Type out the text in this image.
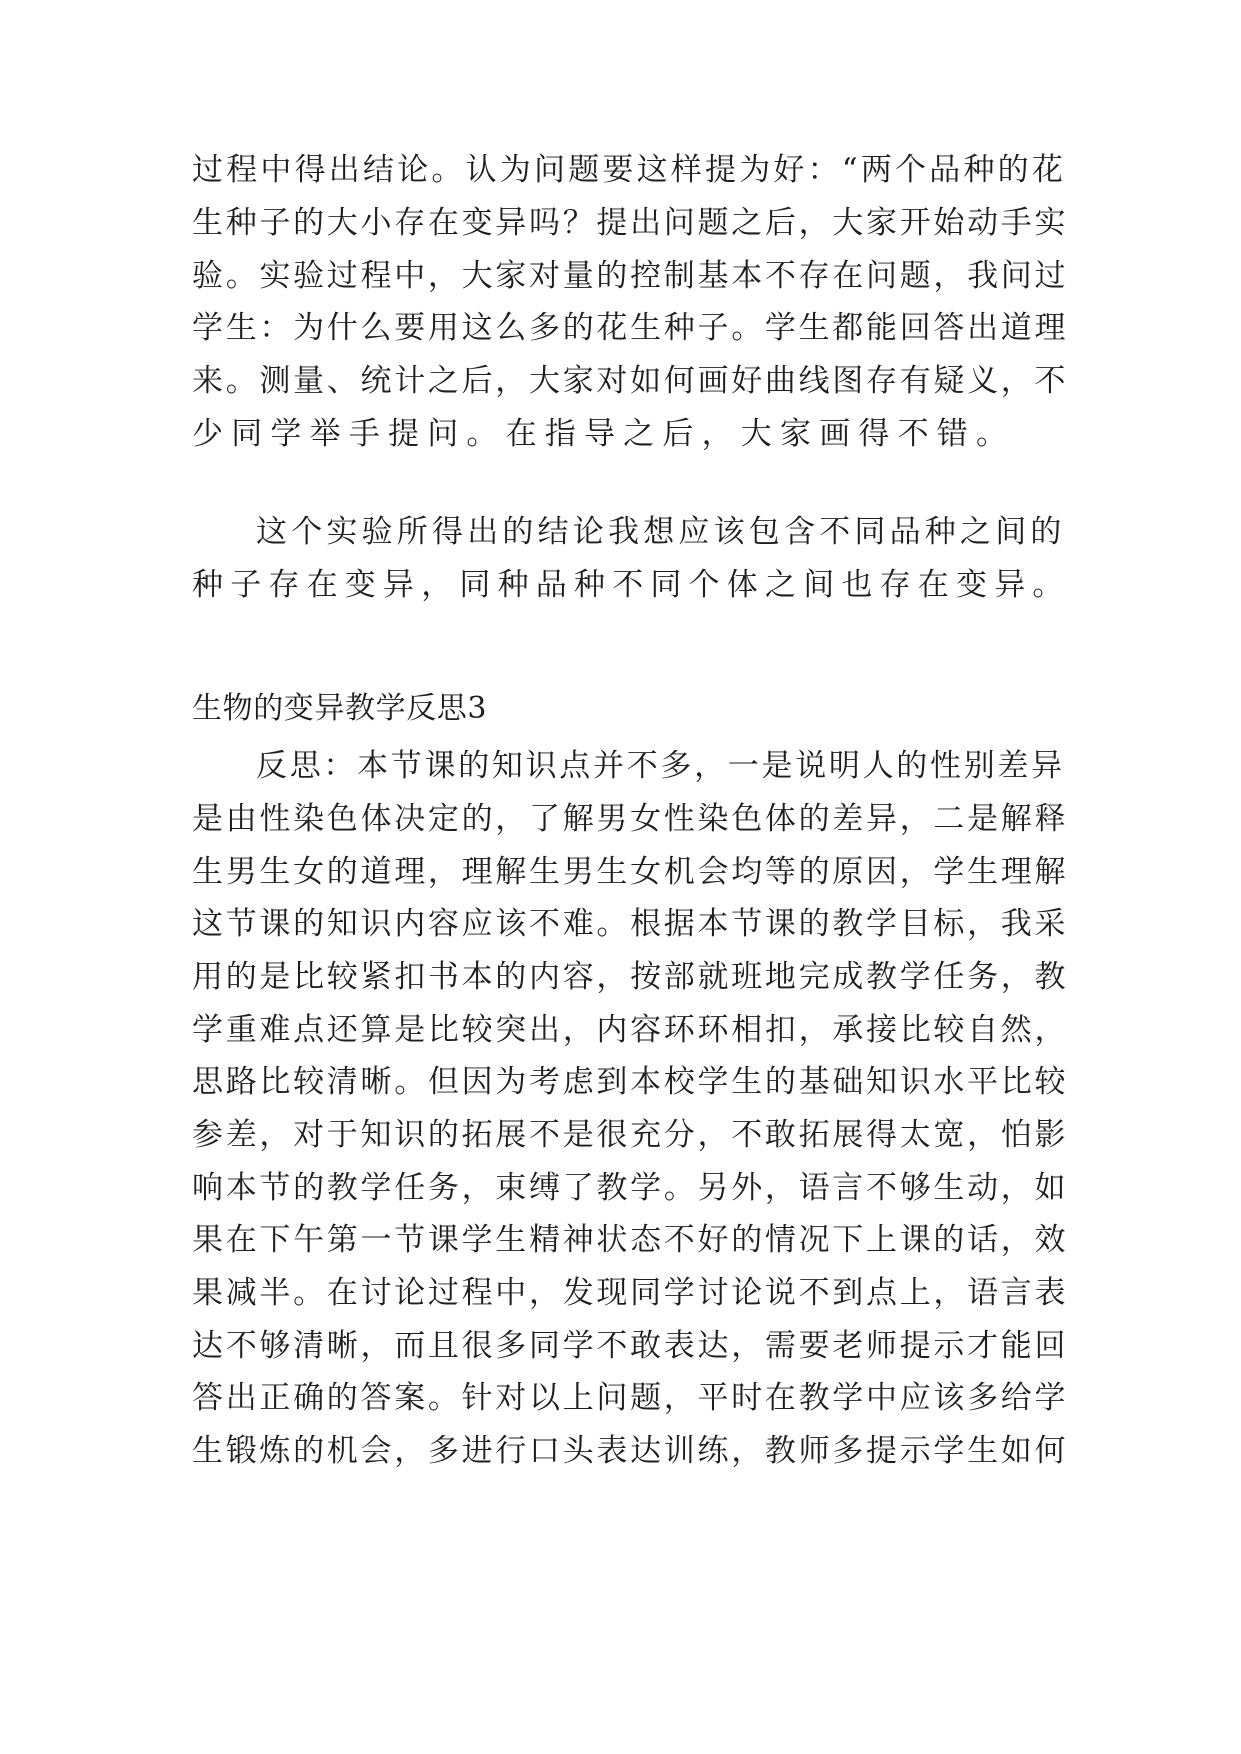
过程中得出结论。认为问题要这样提为好：“两个品种的花
生种子的大小存在变异吗？提出问题之后，大家开始动手实
验。实验过程中，大家对量的控制基本不存在问题，我问过
学生：为什么要用这么多的花生种子。学生都能回答出道理
来。测量、统计之后，大家对如何画好曲线图存有疑义，不
少同学举手提问。在指导之后，大家画得不错。
这个实验所得出的结论我想应该包含不同品种之间的
种子存在变异，同种品种不同个体之间也存在变异。
生物的变异教学反思3
反思：本节课的知识点并不多，一是说明人的性别差异
是由性染色体决定的，了解男女性染色体的差异，二是解释
生男生女的道理，理解生男生女机会均等的原因，学生理解
这节课的知识内容应该不难。根据本节课的教学目标，我采
用的是比较紧扣书本的内容，按部就班地完成教学任务，教
学重难点还算是比较突出，内容环环相扣，承接比较自然，
思路比较清晰。但因为考虑到本校学生的基础知识水平比较
参差，对于知识的拓展不是很充分，不敢拓展得太宽，怕影
响本节的教学任务，束缚了教学。另外，语言不够生动，如
果在下午第一节课学生精神状态不好的情况下上课的话，效
果减半。在讨论过程中，发现同学讨论说不到点上，语言表
达不够清晰，而且很多同学不敢表达，需要老师提示才能回
答出正确的答案。针对以上问题，平时在教学中应该多给学
生锻炼的机会，多进行口头表达训练，教师多提示学生如何
